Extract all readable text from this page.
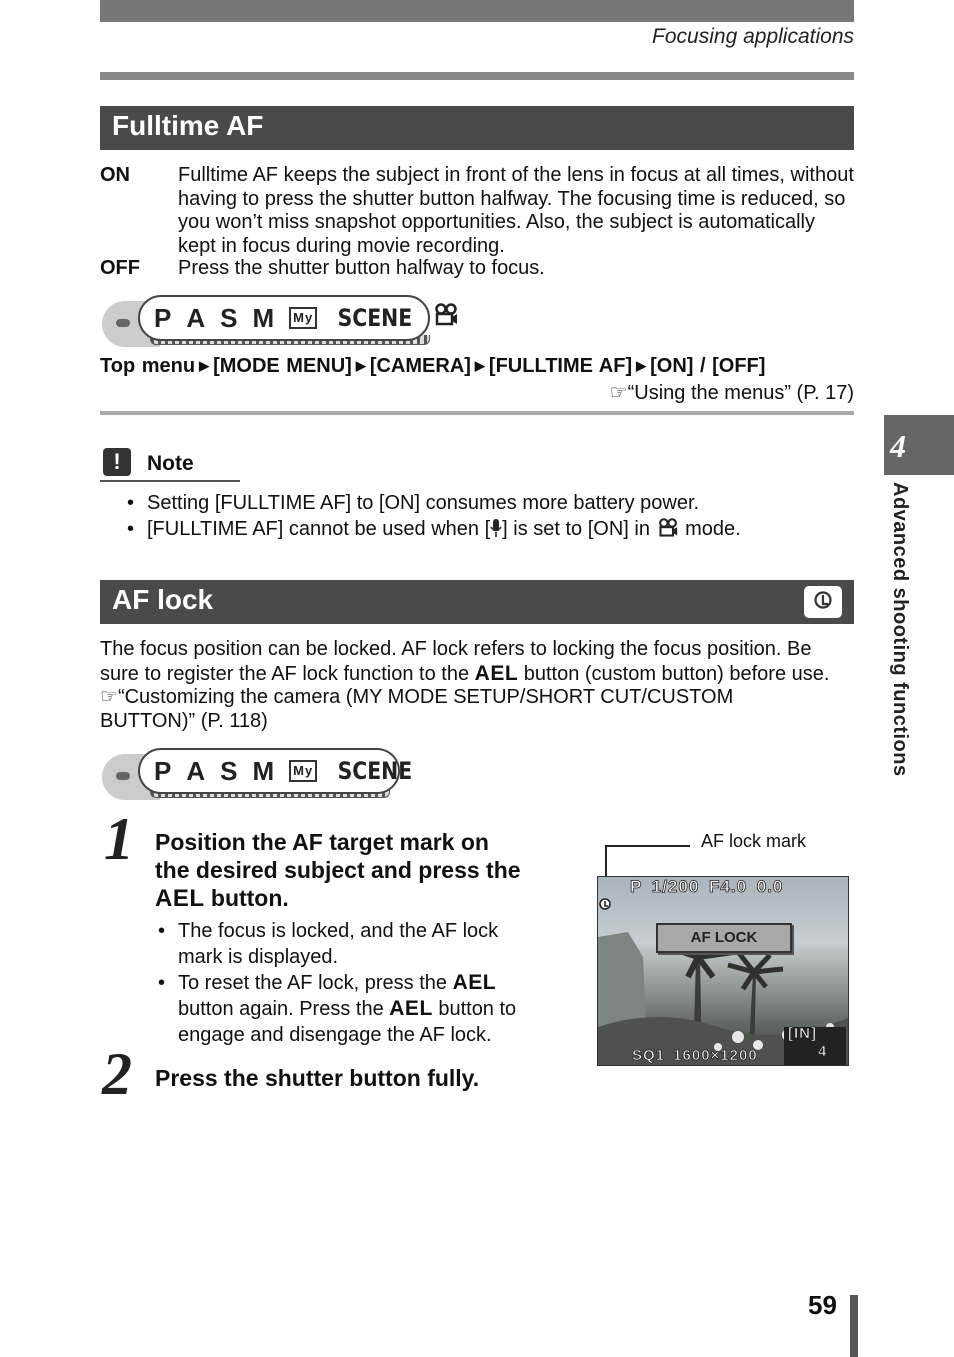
Focusing applications
Fulltime AF
ON Fulltime AF keeps the subject in front of the lens in focus at all times, without
having to press the shutter button halfway. The focusing time is reduced, so
you won’t miss snapshot opportunities. Also, the subject is automatically
kept in focus during movie recording.
OFF Press the shutter button halfway to focus.
P A S M	My SCENE
Top menu ▶ [MODE MENU] ▶ [CAMERA] ▶ [FULLTIME AF] ▶ [ON] / [OFF]
☞“Using the menus” (P. 17)
!	Note
• Setting [FULLTIME AF] to [ON] consumes more battery power.
• [FULLTIME AF] cannot be used when [ ] is set to [ON] in  mode.
AF lock
The focus position can be locked. AF lock refers to locking the focus position. Be
sure to register the AF lock function to the AEL button (custom button) before use.
☞“Customizing the camera (MY MODE SETUP/SHORT CUT/CUSTOM
BUTTON)” (P. 118)
P A S M	My SCENE
1 Position the AF target mark on
the desired subject and press the
AEL button.
• The focus is locked, and the AF lock
mark is displayed.
• To reset the AF lock, press the AEL
button again. Press the AEL button to
engage and disengage the AF lock.
2 Press the shutter button fully.
AF lock mark
P 1/200 F4.0 0.0
AF LOCK
[IN]
4
SQ1 1600×1200
4
Advanced shooting functions
59
